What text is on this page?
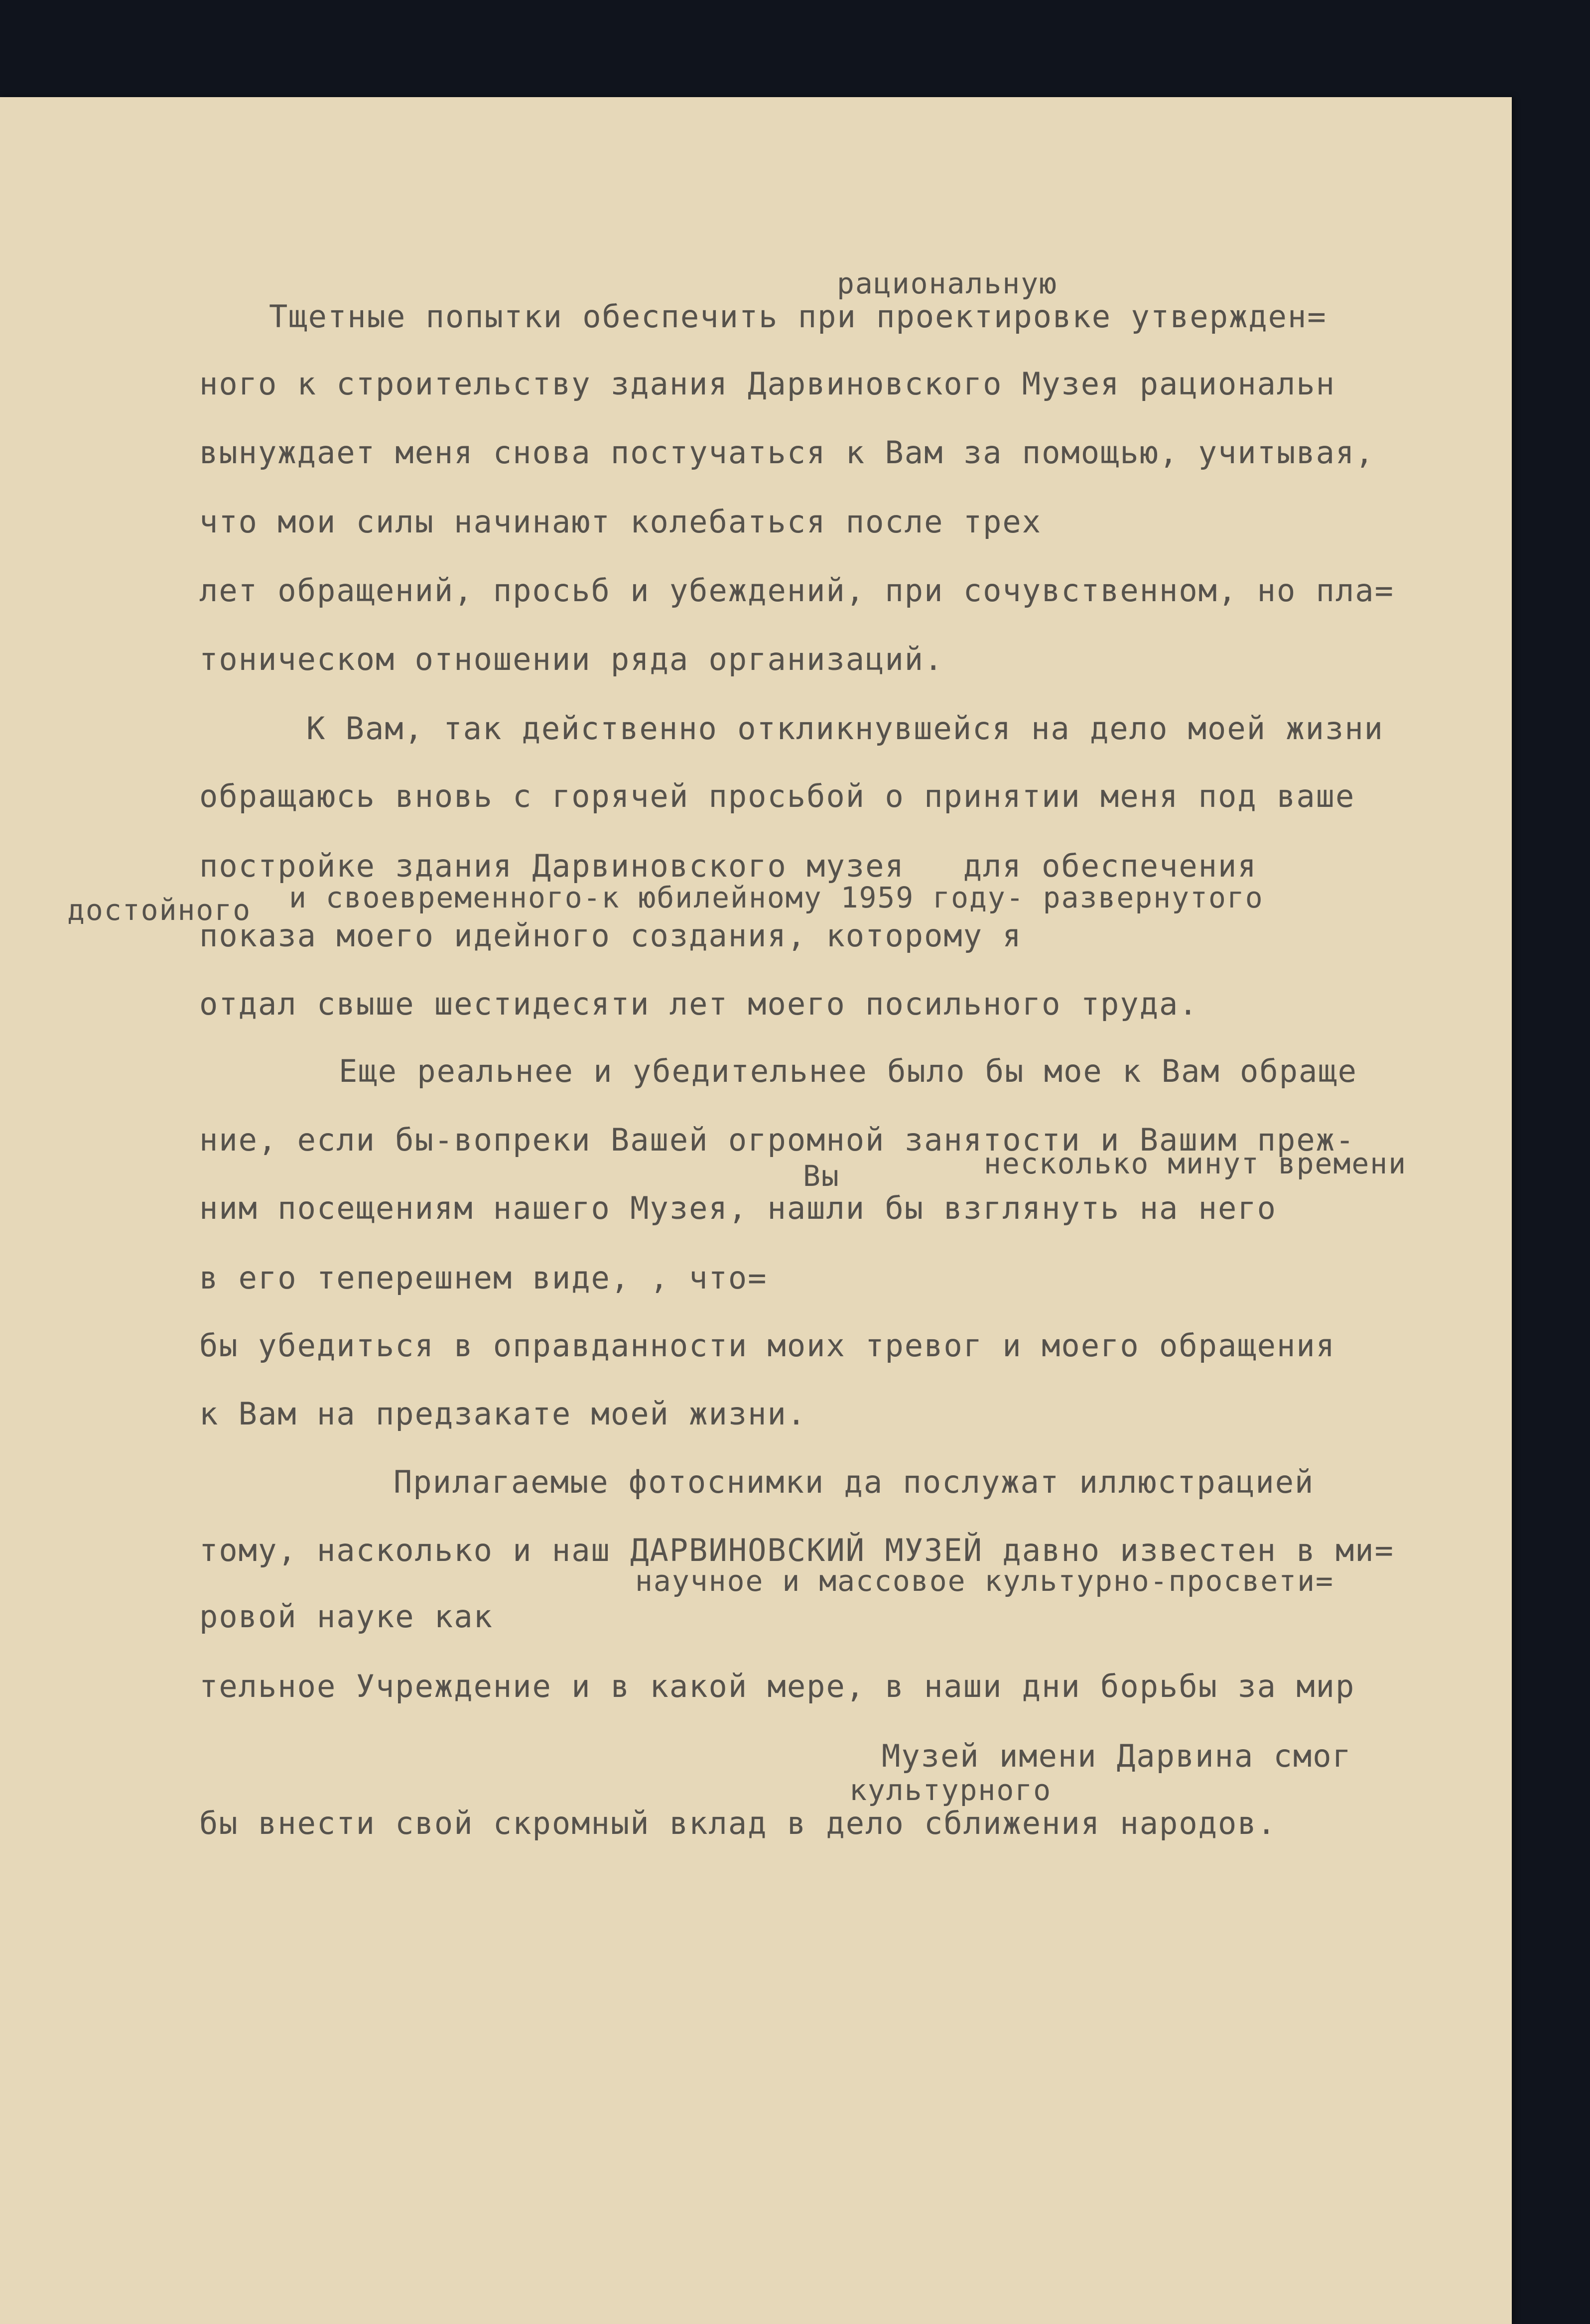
рациональную
Тщетные попытки обеспечить при проектировке утвержден=
ного к строительству здания Дарвиновского Музея рациональн
вынуждает меня снова постучаться к Вам за помощью, учитывая,
что мои силы начинают колебаться после трех
лет обращений, просьб и убеждений, при сочувственном, но пла=
тоническом отношении ряда организаций.
К Вам, так действенно откликнувшейся на дело моей жизни
обращаюсь вновь с горячей просьбой о принятии меня под ваше
постройке здания Дарвиновского музея   для обеспечения
достойного и своевременного-к юбилейному 1959 году- развернутого
показа моего идейного создания, которому я
отдал свыше шестидесяти лет моего посильного труда.
Еще реальнее и убедительнее было бы мое к Вам обраще
ние, если бы-вопреки Вашей огромной занятости и Вашим преж-
Вы	несколько минут времени
ним посещениям нашего Музея, нашли бы взглянуть на него
в его теперешнем виде, , что=
бы убедиться в оправданности моих тревог и моего обращения
к Вам на предзакате моей жизни.
Прилагаемые фотоснимки да послужат иллюстрацией
тому, насколько и наш ДАРВИНОВСКИЙ МУЗЕЙ давно известен в ми=
научное и массовое культурно-просвети=
ровой науке как
тельное Учреждение и в какой мере, в наши дни борьбы за мир
Музей имени Дарвина смог
культурного
бы внести свой скромный вклад в дело сближения народов.
